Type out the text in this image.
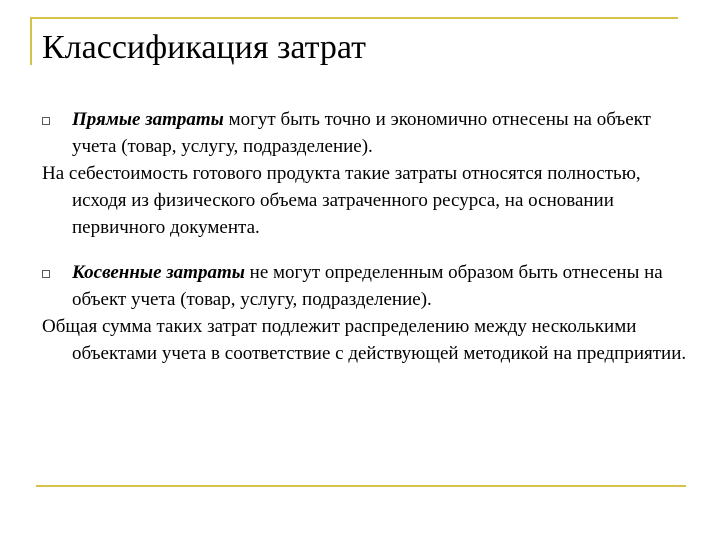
Классификация затрат
Прямые затраты могут быть точно и экономично отнесены на объект учета (товар, услугу, подразделение).
На себестоимость готового продукта такие затраты относятся полностью, исходя из физического объема затраченного ресурса, на основании первичного документа.
Косвенные затраты не могут определенным образом быть отнесены на объект учета (товар, услугу, подразделение).
Общая сумма таких затрат подлежит распределению между несколькими объектами учета в соответствие с действующей методикой на предприятии.
